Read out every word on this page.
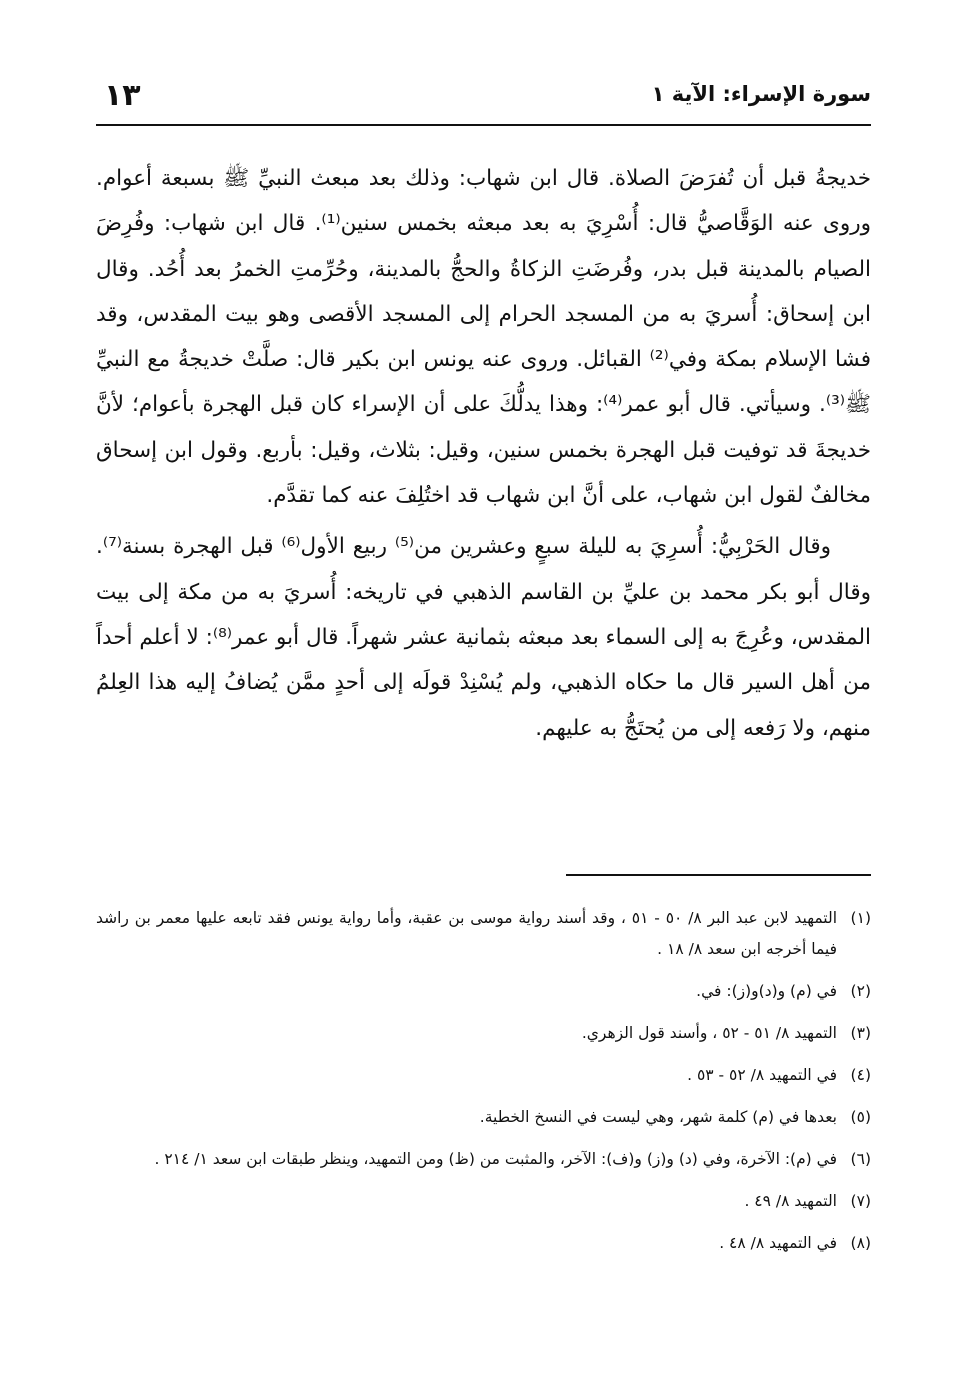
سورة الإسراء: الآية ١
١٣

خديجةُ قبل أن تُفرَضَ الصلاة. قال ابن شهاب: وذلك بعد مبعث النبيِّ ﷺ بسبعة أعوام. وروى عنه الوَقَّاصيُّ قال: أُسْرِيَ به بعد مبعثه بخمس سنين⁽¹⁾. قال ابن شهاب: وفُرِضَ الصيام بالمدينة قبل بدر، وفُرضَتِ الزكاةُ والحجُّ بالمدينة، وحُرِّمتِ الخمرُ بعد أُحُد. وقال ابن إسحاق: أُسريَ به من المسجد الحرام إلى المسجد الأقصى وهو بيت المقدس، وقد فشا الإسلام بمكة وفي⁽²⁾ القبائل. وروى عنه يونس ابن بكير قال: صلَّتْ خديجةُ مع النبيِّ ﷺ⁽³⁾. وسيأتي. قال أبو عمر⁽⁴⁾: وهذا يدلُّكَ على أن الإسراء كان قبل الهجرة بأعوام؛ لأنَّ خديجةَ قد توفيت قبل الهجرة بخمس سنين، وقيل: بثلاث، وقيل: بأربع. وقول ابن إسحاق مخالفٌ لقول ابن شهاب، على أنَّ ابن شهاب قد اختُلِفَ عنه كما تقدَّم.

وقال الحَرْبِيُّ: أُسرِيَ به لليلة سبعٍ وعشرين من⁽⁵⁾ ربيع الأول⁽⁶⁾ قبل الهجرة بسنة⁽⁷⁾. وقال أبو بكر محمد بن عليِّ بن القاسم الذهبي في تاريخه: أُسريَ به من مكة إلى بيت المقدس، وعُرِجَ به إلى السماء بعد مبعثه بثمانية عشر شهراً. قال أبو عمر⁽⁸⁾: لا أعلم أحداً من أهل السير قال ما حكاه الذهبي، ولم يُسْنِدْ قولَه إلى أحدٍ ممَّن يُضافُ إليه هذا العِلمُ منهم، ولا رَفعه إلى من يُحتَجُّ به عليهم.

(١)
التمهيد لابن عبد البر ٨/ ٥٠ - ٥١ ، وقد أسند رواية موسى بن عقبة، وأما رواية يونس فقد تابعه عليها معمر بن راشد فيما أخرجه ابن سعد ٨/ ١٨ .
(٢)
في (م) و(د)و(ز): في.
(٣)
التمهيد ٨/ ٥١ - ٥٢ ، وأسند قول الزهري.
(٤)
في التمهيد ٨/ ٥٢ - ٥٣ .
(٥)
بعدها في (م) كلمة شهر، وهي ليست في النسخ الخطية.
(٦)
في (م): الآخرة، وفي (د) و(ز) و(ف): الآخر، والمثبت من (ظ) ومن التمهيد، وينظر طبقات ابن سعد ١/ ٢١٤ .
(٧)
التمهيد ٨/ ٤٩ .
(٨)
في التمهيد ٨/ ٤٨ .
